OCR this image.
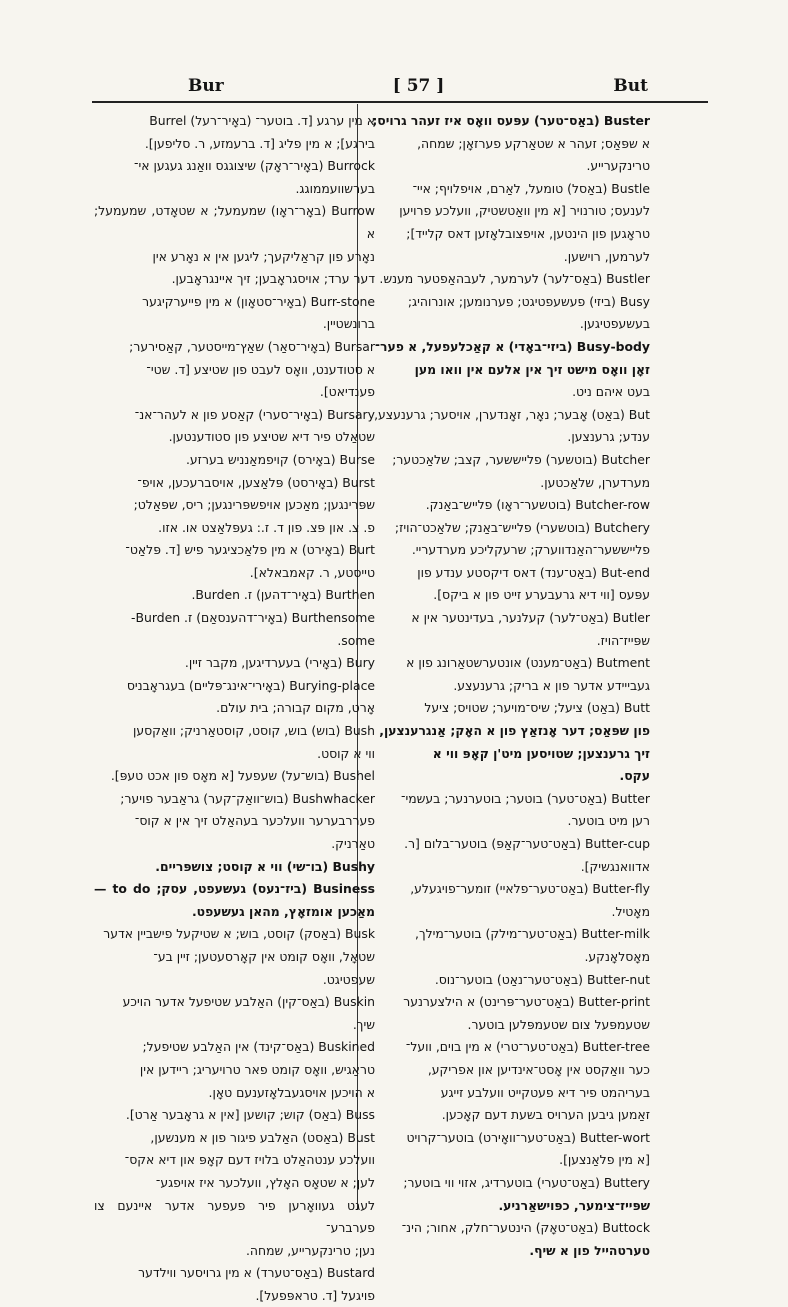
Bur	[ 57 ]	But
א מין ערגע [ד. בוטער־ (באָיר־רעל) Burrel
בירגע]; א מין פליג [ד. ברעמזע, ר. סליפען].
Burrock (באָיר־ראָק) שיצוגגס וואַנג געגען אי־
בערשוועממוגג.
Burrow (באָר־ראָו) שמעמעל; א שטאָדט, שמעמעל; א
נאָרע פון קראַליקעך; ליגען אין א נאָרע אין
דער ערד; אויסגראָבען; זיך איינגראָבען.
Burr-stone (באָיר־סטאָון) א מין פייערקיגער
ברונשטיין.
Bursar (באָיר־סאַר) שאַץ־מייסטער, קאַסירער;
א סטודענט, וואָס לעבט פון שטיצע [ד. שטי־
פענדיאט].
Bursary (באָיר־סערי) קאַסע פון א לעהר־אנ־
שטאַלט פיר דיא שטיצע פון סטודענטען.
Burse (באָירס) קויפמאַנניש בערזע.
Burst (באָירסט) פּלאַצען, אויסברעכען, אויפ־
שפּרינגען; מאַכען אויפשפּרינגען; ריס, שפּאַלט;
פ. צ. און פּצ. פון ד. ז.: געפּלאַצט או. אזו.
Burt (באָירט) א מין פלאַכציגער פיש [ד. פּלאַט־
טייסטע, ר. קאמבאלא].
Burthen (באָיר־דהען) ז. Burden.
Burthensome (באָיר־דהענסאַם) ז. Burden-
some.
Bury (באָירי) בעערדיגען, מקבר זיין.
Burying-place (באָירי־אינג־פּליים) בעגראָבניס
אָרט, מקום קבורה; בית עולם.
Bush (בוש) בוש, קוסט, קוסטאַרניק; וואַקסען
ווי א קוסט.
Bushel (בוש־על) שעפעל [א מאָס פון אכט טעפּ].
Bushwhacker (בוש־וואַק־קער) גראַבער פויער;
פעררבערער וועלכער בעהאַלט זיך אין א קוס־
טאַרניק.
Bushy (בו־שי) ווי א קוסט; צושפּריים.
Business (ביז־נעס) געשעפט, עסק; to do — מאַכען אומזאָץ, מהאן געשעפט.
Busk (באַסק) קוסט, בוש; א שטיקעל פישביין אדער
שטאָל, וואָס קומט אין קאָרסעטען; זיין בע־
שעפטיגט.
Buskin (באַס־קין) האַלבע שטיפעל אדער הויכע
שיך.
Buskined (באַס־קינד) אין האַלבע שטיפעל;
טראַגיש, וואָס קומט פאר טרויעריג; ריידען אין
א הויכען אויסגעבלאָזענעם טאָן.
Buss (באַס) קוש; קושען [אין א גראָבער אַרט].
Bust (באַסט) האַלבע פיגור פון א מענשען,
וועלכע ענטהאַלט בלויז דעם קאָפּ און דיא אקס־
לען; א שטאָס האָלץ, וועלכער איז אויפגע־
לעגט געוואָרען פיר פעפער אדער איינעם צו פערברע־
נען; טרינקערייע, שמחה.
Bustard (באַס־טערד) א מין גרויסער ווילדער
פויגעל [ד. טראפּפעל].
Buster (באַס־טער) עפּעס וואָס איז זעהר גרויס;
א שפּאַס; זעהר א שטאַרקע פערזאָן; שמחה,
טרינקערייע.
Bustle (באַסל) טומעל, לאַרם, אויפלויף; איי־
לענעס; טורנויר [א מין וואַטשטיק, וועלכע פרויען
טראָגען פון הינטען, אויפצובלאָזען דאס קלייד];
לערמען, רוישען.
Bustler (באַס־לער) לערמער, לעבהאַפטער מענש.
Busy (ביזי) פעשעפטיגט; פערנומען; אונרוהיג;
בעשעפטיגען.
Busy-body (ביזי־באָדי) א קאַכלעפעל, א פער־
זאָן וואָס מישט זיך אין אלעם אין וואו מען
בעט איהם ניט.
But (באַט) אָבער; נאָר, זאָנדערן, אויסער; גרענעצע,
ענדע; גרענצען.
Butcher (בוטשער) פלייששער, קצב; שלאַכטער;
מערדערן, שלאַכטען.
Butcher-row (בוטשער־ראָו) פלייש־באַנק.
Butchery (בוטשערי) פלייש־באַנק; שלאַכט־הויז;
פלייששער־האַנדווערק; שרעקליכע מערדעריי.
But-end (באַט־ענד) דאס דיקסטע ענדע פון
עפּעס [ווי דיא גרעבערע זייט פון א ביקס].
Butler (באַט־לער) קעלנער, בעדינטער אין א
שפּייז־הויז.
Butment (באַט־מענט) אונטערשטאַרונג פון א
געבייידע אדער פון א בריק; גרענעצע.
Butt (באַט) ציעל; שיס־מויער; שטויס; ציעל
פון שפּאַס; דער אָנזאַץ פון א האָק; אַנגרענצען,
זיך גרענצען; שטויסען מיט'ן קאָפּ ווי א
עקס.
Butter (באַט־טער) בוטער; בוטערנער; בעשמי־
רען מיט בוטער.
Butter-cup (באַט־טער־קאַפּ) בוטער־בלום [ר.
אדוואנגשיק].
Butter-fly (באַט־טער־פלאיי) זומער־פויגעלע,
מאָטיל.
Butter-milk (באַט־טער־מילק) בוטער־מילך,
מאָסלאָנקע.
Butter-nut (באַט־טער־נאַט) בוטער־נוס.
Butter-print (באַט־טער־פּרינט) א הילצערנער
שטעמפּעל צום שטעמפּלען בוטער.
Butter-tree (באַט־טער־טרי) א מין בוים, וועל־
כער וואַקסט אין אָסט־אינדיען און אפריקע,
בעריהמט פיר דיא פעטקייט וועלבע זייגע
זאַמען גיבען הערויס בשעת דעם קאָכען.
Butter-wort (באַט־טער־וואָירט) בוטער־קרויט
[א מין פלאַנצען].
Buttery (באַט־טערי) בוטערדיג, אזוי ווי בוטער;
שפּייז־צימער, כפּוישאַרניע.
Buttock (באַט־טאָק) הינטער־חלק, אחור; הינ־
טערטהייל פון א שיף.
